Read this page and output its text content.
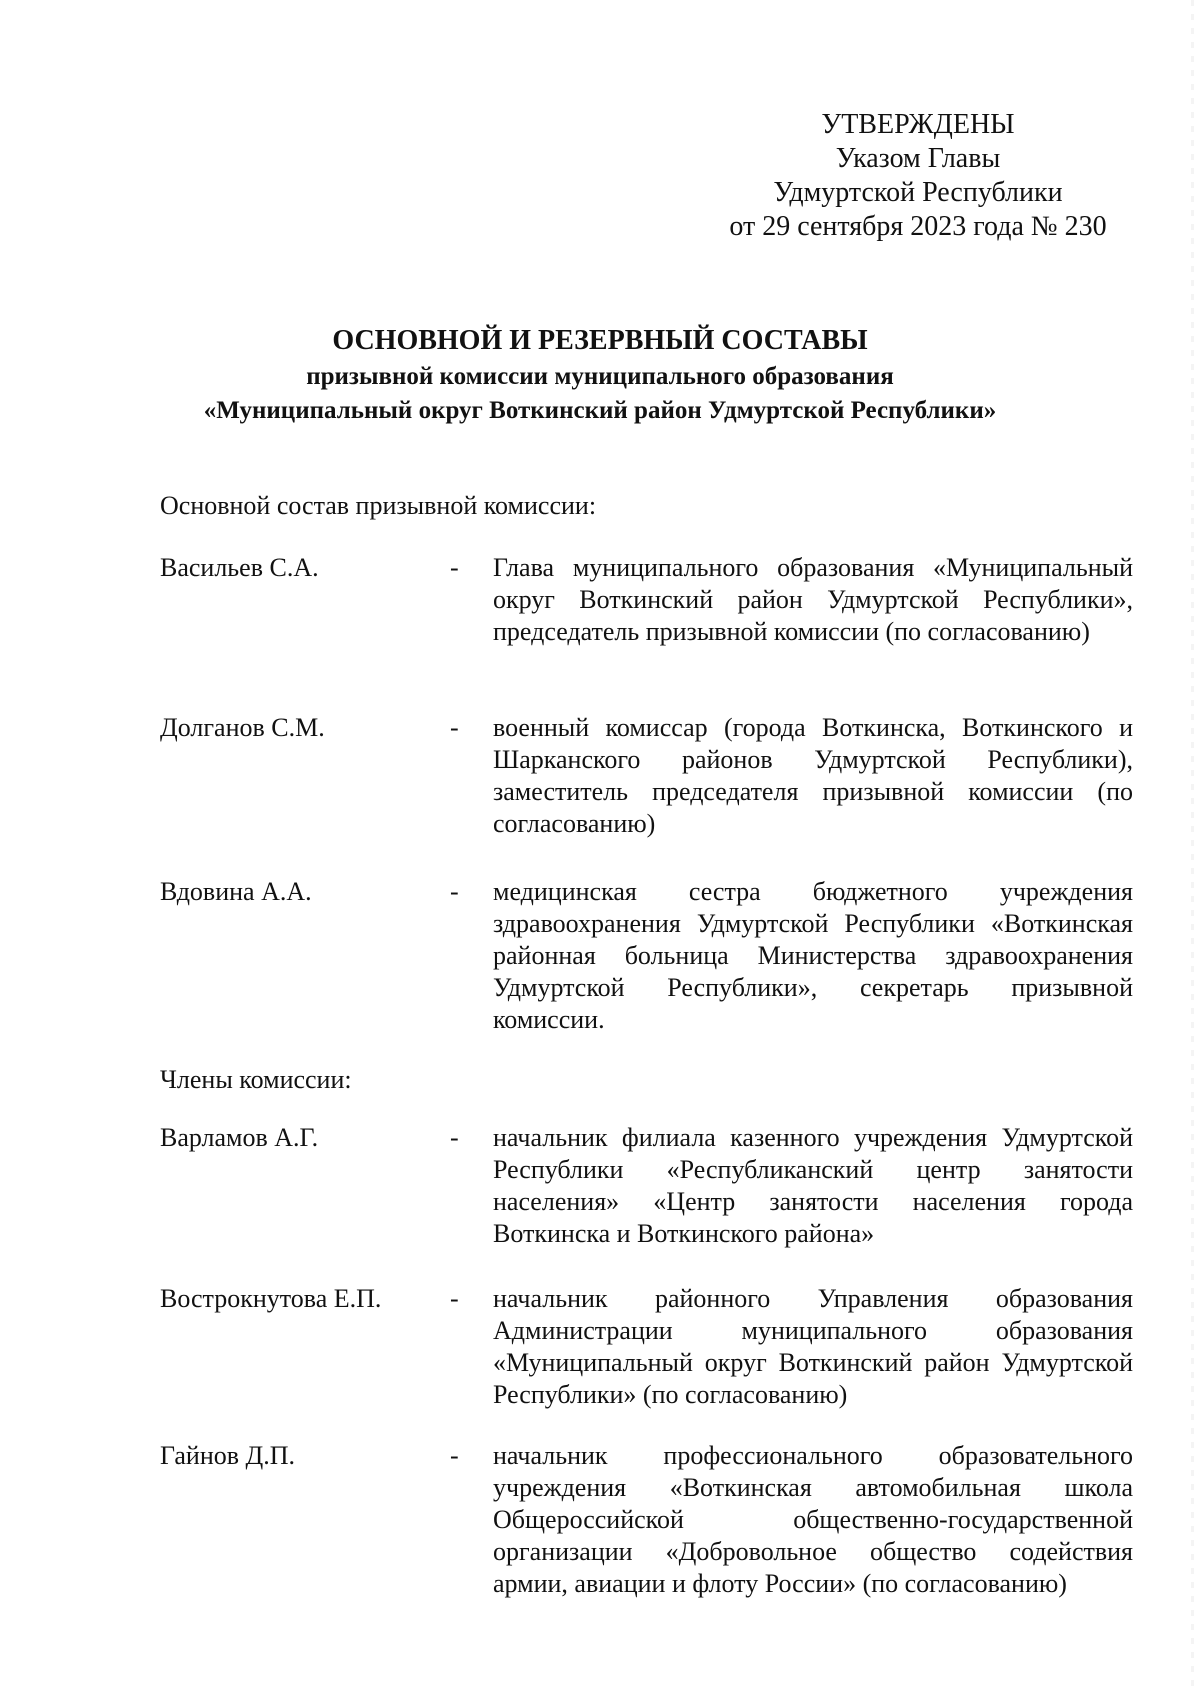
УТВЕРЖДЕНЫ
Указом Главы
Удмуртской Республики
от 29 сентября 2023 года № 230
ОСНОВНОЙ И РЕЗЕРВНЫЙ СОСТАВЫ
призывной комиссии муниципального образования
«Муниципальный округ Воткинский район Удмуртской Республики»
Основной состав призывной комиссии:
Васильев С.А.	- Глава муниципального образования «Муниципальный округ Воткинский район Удмуртской Республики», председатель призывной комиссии (по согласованию)
Долганов С.М.	- военный комиссар (города Воткинска, Воткинского и Шарканского районов Удмуртской Республики), заместитель председателя призывной комиссии (по согласованию)
Вдовина А.А.	- медицинская сестра бюджетного учреждения здравоохранения Удмуртской Республики «Воткинская районная больница Министерства здравоохранения Удмуртской Республики», секретарь призывной комиссии.
Члены комиссии:
Варламов А.Г.	- начальник филиала казенного учреждения Удмуртской Республики «Республиканский центр занятости населения» «Центр занятости населения города Воткинска и Воткинского района»
Вострокнутова Е.П.	- начальник районного Управления образования Администрации муниципального образования «Муниципальный округ Воткинский район Удмуртской Республики» (по согласованию)
Гайнов Д.П.	- начальник профессионального образовательного учреждения «Воткинская автомобильная школа Общероссийской общественно-государственной организации «Добровольное общество содействия армии, авиации и флоту России» (по согласованию)
